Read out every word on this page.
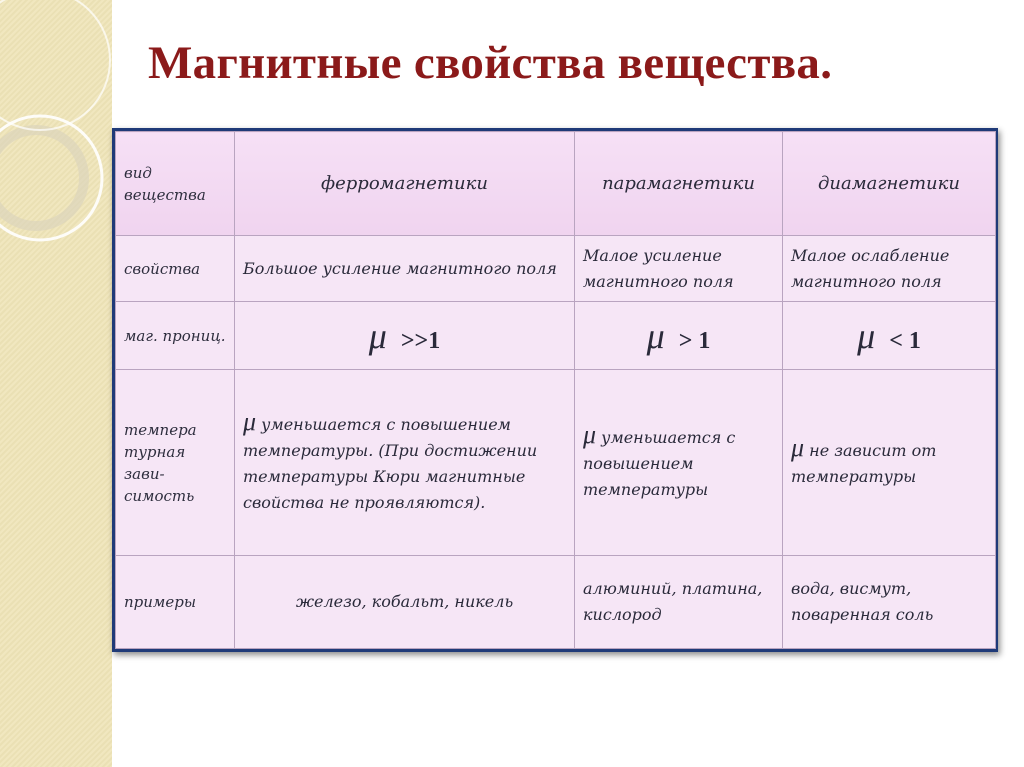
Магнитные свойства вещества.
вид вещества	ферромагнетики	парамагнетики	диамагнетики
свойства	Большое усиление магнитного поля	Малое усиление магнитного поля	Малое ослабление магнитного поля
маг. прониц.	μ >>1	μ > 1	μ < 1
темпера турная зави- симость	μ уменьшается с повышением температуры. (При достижении температуры Кюри магнитные свойства не проявляются).	μ уменьшается с повышением температуры	μ не зависит от температуры
примеры	железо, кобальт, никель	алюминий, платина, кислород	вода, висмут, поваренная соль
